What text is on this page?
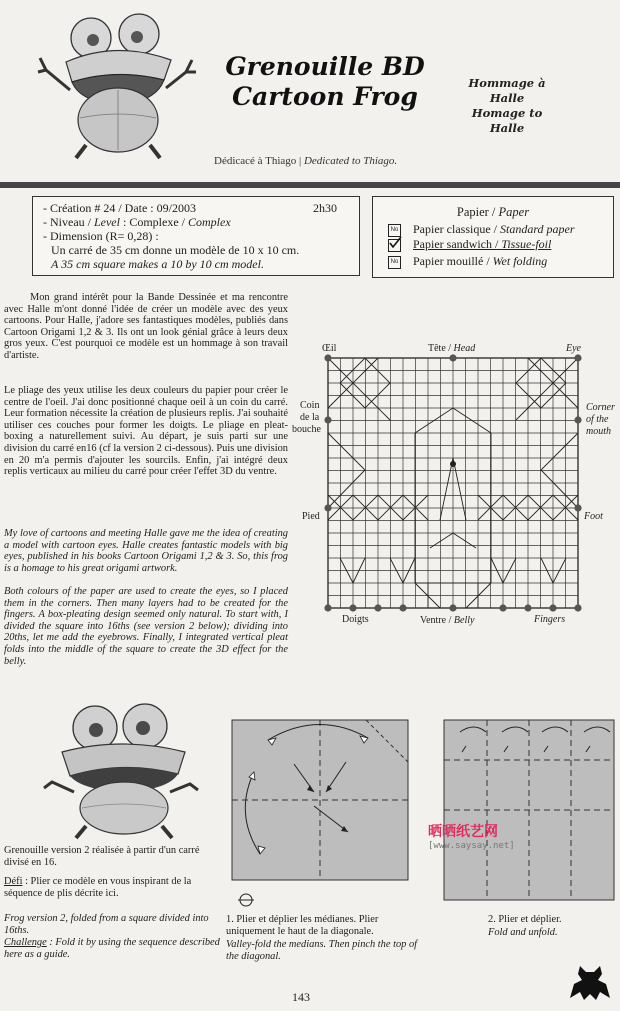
Grenouille BD
Cartoon Frog	Hommage à
Halle
Homage to
Halle
Dédicacé à Thiago | Dedicated to Thiago.
- Création # 24 / Date : 09/2003	2h30
- Niveau / Level : Complexe / Complex
- Dimension (R= 0,28) :
Un carré de 35 cm donne un modèle de 10 x 10 cm.
A 35 cm square makes a 10 by 10 cm model.
Papier / Paper
No Papier classique / Standard paper
Papier sandwich / Tissue-foil
No Papier mouillé / Wet folding
Mon grand intérêt pour la Bande Dessinée et ma rencontre avec Halle m'ont donné l'idée de créer un modèle avec des yeux cartoons. Pour Halle, j'adore ses fantastiques modèles, publiés dans Cartoon Origami 1,2 & 3. Ils ont un look génial grâce à leurs deux gros yeux. C'est pourquoi ce modèle est un hommage à son travail d'artiste.
Le pliage des yeux utilise les deux couleurs du papier pour créer le centre de l'oeil. J'ai donc positionné chaque oeil à un coin du carré. Leur formation nécessite la création de plusieurs replis. J'ai souhaité utiliser ces couches pour former les doigts. Le pliage en pleat-boxing a naturellement suivi. Au départ, je suis parti sur une division du carré en16 (cf la version 2 ci-dessous). Puis une division en 20 m'a permis d'ajouter les sourcils. Enfin, j'ai intégré deux replis verticaux au milieu du carré pour créer l'effet 3D du ventre.
My love of cartoons and meeting Halle gave me the idea of creating a model with cartoon eyes. Halle creates fantastic models with big eyes, published in his books Cartoon Origami 1,2 & 3. So, this frog is a homage to his great origami artwork.
Both colours of the paper are used to create the eyes, so I placed them in the corners. Then many layers had to be created for the fingers. A box-pleating design seemed only natural. To start with, I divided the square into 16ths (see version 2 below); dividing into 20ths, let me add the eyebrows. Finally, I integrated vertical pleat folds into the middle of the square to create the 3D effect for the belly.
Œil	Tête / Head	Eye
Coin
de la
bouche
Corner
of the
mouth
Pied	Foot
Doigts	Ventre / Belly	Fingers
Grenouille version 2 réalisée à partir d'un carré divisé en 16.
Défi : Plier ce modèle en vous inspirant de la séquence de plis décrite ici.
Frog version 2, folded from a square divided into 16ths.
Challenge : Fold it by using the sequence described here as a guide.
1. Plier et déplier les médianes. Plier uniquement le haut de la diagonale.
Valley-fold the medians. Then pinch the top of the diagonal.
2. Plier et déplier.
Fold and unfold.
晒晒纸艺网
[www.saysay.net]
143
